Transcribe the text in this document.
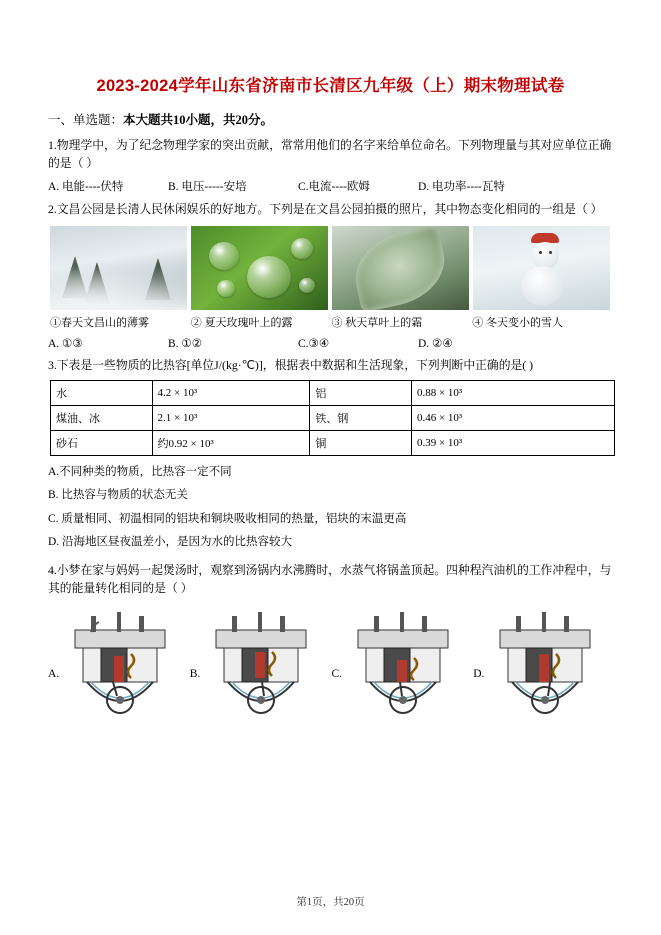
2023-2024学年山东省济南市长清区九年级（上）期末物理试卷
一、单选题：本大题共10小题，共20分。
1.物理学中，为了纪念物理学家的突出贡献，常常用他们的名字来给单位命名。下列物理量与其对应单位正确的是（ ）
A. 电能----伏特	B. 电压-----安培	C.电流----欧姆	D. 电功率----瓦特
2.文昌公园是长清人民休闲娱乐的好地方。下列是在文昌公园拍摄的照片，其中物态变化相同的一组是（ ）
①春天文昌山的薄雾	② 夏天玫瑰叶上的露	③ 秋天草叶上的霜	④ 冬天变小的雪人
A. ①③	B. ①②	C.③④	D. ②④
3.下表是一些物质的比热容[单位J/(kg·℃)]，根据表中数据和生活现象，下列判断中正确的是( )
水	4.2 × 10³	铝	0.88 × 10³
煤油、冰	2.1 × 10³	铁、钢	0.46 × 10³
砂石	约0.92 × 10³	铜	0.39 × 10³
A.不同种类的物质，比热容一定不同
B. 比热容与物质的状态无关
C. 质量相同、初温相同的铝块和铜块吸收相同的热量，铝块的末温更高
D. 沿海地区昼夜温差小，是因为水的比热容较大
4.小梦在家与妈妈一起煲汤时，观察到汤锅内水沸腾时，水蒸气将锅盖顶起。四种程汽油机的工作冲程中，与其的能量转化相同的是（ ）
A.	B.	C.	D.
第1页，共20页
